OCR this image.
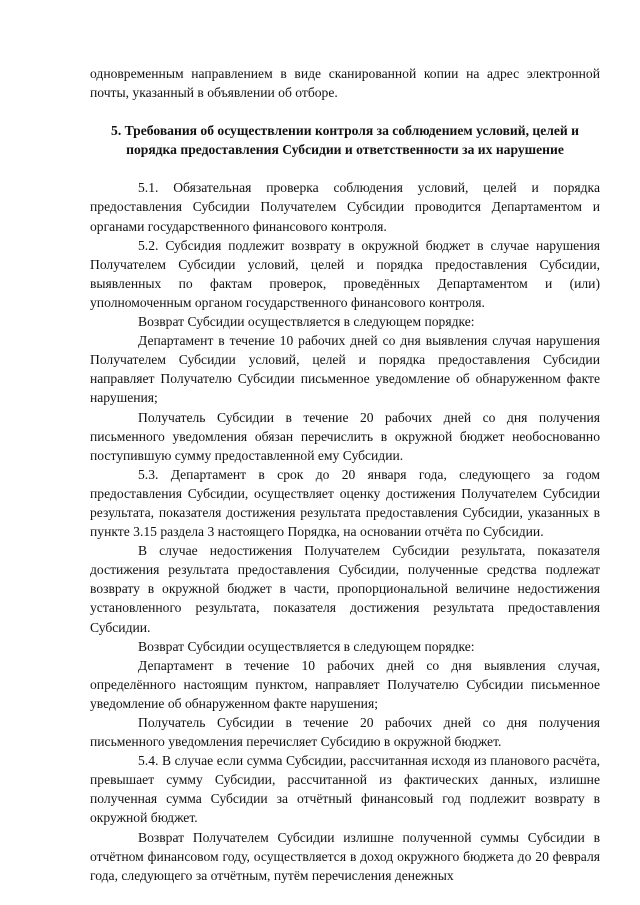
одновременным направлением в виде сканированной копии на адрес электронной почты, указанный в объявлении об отборе.

5. Требования об осуществлении контроля за соблюдением условий, целей и порядка предоставления Субсидии и ответственности за их нарушение

5.1. Обязательная проверка соблюдения условий, целей и порядка предоставления Субсидии Получателем Субсидии проводится Департаментом и органами государственного финансового контроля.

5.2. Субсидия подлежит возврату в окружной бюджет в случае нарушения Получателем Субсидии условий, целей и порядка предоставления Субсидии, выявленных по фактам проверок, проведённых Департаментом и (или) уполномоченным органом государственного финансового контроля.

Возврат Субсидии осуществляется в следующем порядке:

Департамент в течение 10 рабочих дней со дня выявления случая нарушения Получателем Субсидии условий, целей и порядка предоставления Субсидии направляет Получателю Субсидии письменное уведомление об обнаруженном факте нарушения;

Получатель Субсидии в течение 20 рабочих дней со дня получения письменного уведомления обязан перечислить в окружной бюджет необоснованно поступившую сумму предоставленной ему Субсидии.

5.3. Департамент в срок до 20 января года, следующего за годом предоставления Субсидии, осуществляет оценку достижения Получателем Субсидии результата, показателя достижения результата предоставления Субсидии, указанных в пункте 3.15 раздела 3 настоящего Порядка, на основании отчёта по Субсидии.

В случае недостижения Получателем Субсидии результата, показателя достижения результата предоставления Субсидии, полученные средства подлежат возврату в окружной бюджет в части, пропорциональной величине недостижения установленного результата, показателя достижения результата предоставления Субсидии.

Возврат Субсидии осуществляется в следующем порядке:

Департамент в течение 10 рабочих дней со дня выявления случая, определённого настоящим пунктом, направляет Получателю Субсидии письменное уведомление об обнаруженном факте нарушения;

Получатель Субсидии в течение 20 рабочих дней со дня получения письменного уведомления перечисляет Субсидию в окружной бюджет.

5.4. В случае если сумма Субсидии, рассчитанная исходя из планового расчёта, превышает сумму Субсидии, рассчитанной из фактических данных, излишне полученная сумма Субсидии за отчётный финансовый год подлежит возврату в окружной бюджет.

Возврат Получателем Субсидии излишне полученной суммы Субсидии в отчётном финансовом году, осуществляется в доход окружного бюджета до 20 февраля года, следующего за отчётным, путём перечисления денежных
